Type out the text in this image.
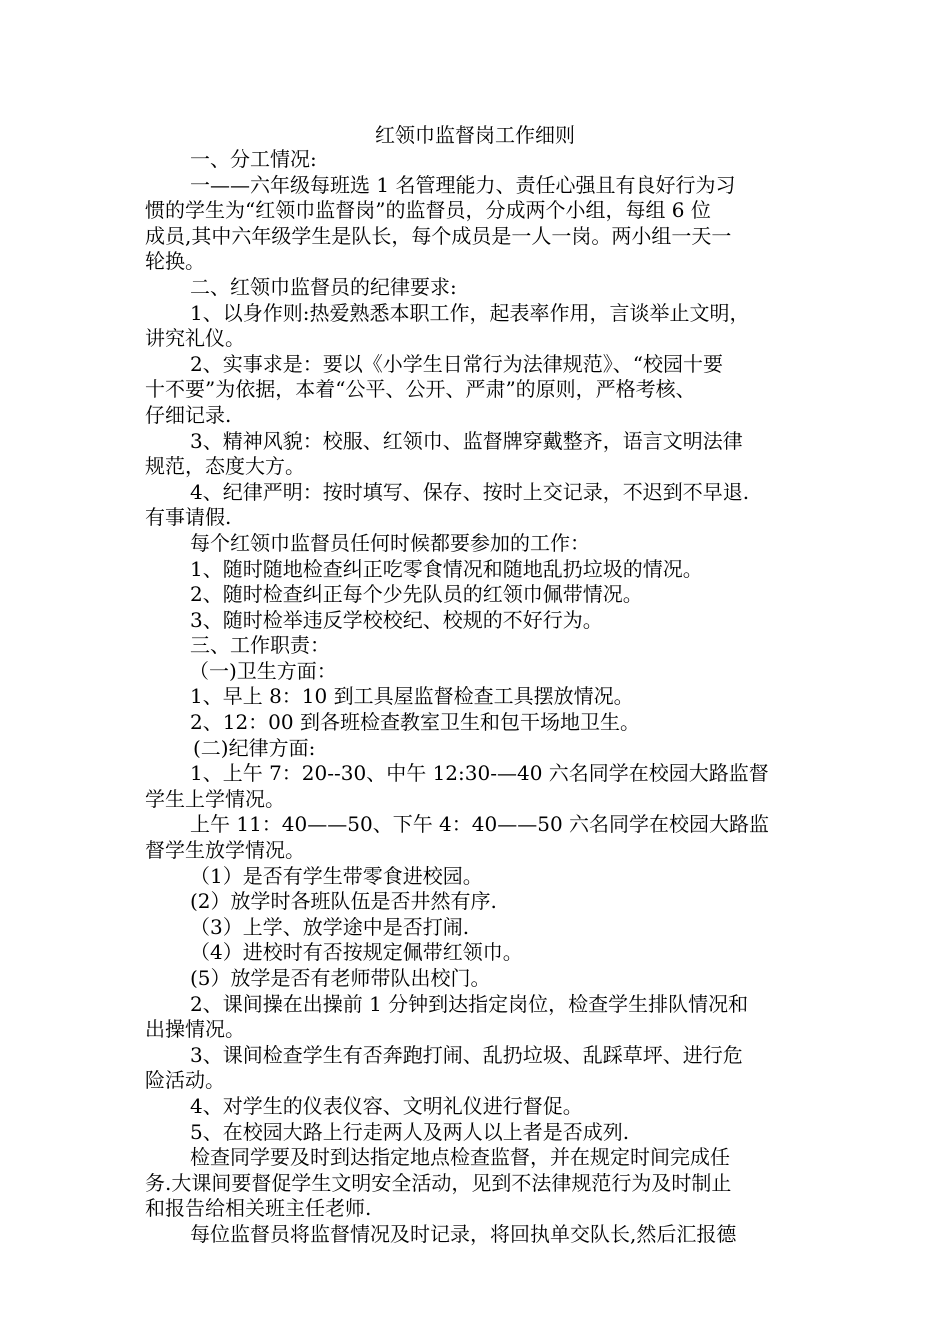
红领巾监督岗工作细则
一、分工情况:
一——六年级每班选 1 名管理能力、责任心强且有良好行为习
惯的学生为“红领巾监督岗”的监督员，分成两个小组，每组 6 位
成员,其中六年级学生是队长，每个成员是一人一岗。两小组一天一
轮换。
二、红领巾监督员的纪律要求:
1、以身作则:热爱熟悉本职工作，起表率作用，言谈举止文明，
讲究礼仪。
2、实事求是：要以《小学生日常行为法律规范》、“校园十要
十不要”为依据，本着“公平、公开、严肃”的原则，严格考核、
仔细记录.
3、精神风貌：校服、红领巾、监督牌穿戴整齐，语言文明法律
规范，态度大方。
4、纪律严明：按时填写、保存、按时上交记录，不迟到不早退.
有事请假.
每个红领巾监督员任何时候都要参加的工作：
1、随时随地检查纠正吃零食情况和随地乱扔垃圾的情况。
2、随时检查纠正每个少先队员的红领巾佩带情况。
3、随时检举违反学校校纪、校规的不好行为。
三、工作职责：
（一)卫生方面：
1、早上 8：10 到工具屋监督检查工具摆放情况。
2、12：00 到各班检查教室卫生和包干场地卫生。
(二)纪律方面:
1、上午 7：20--30、中午 12:30-—40 六名同学在校园大路监督
学生上学情况。
上午 11：40——50、下午 4：40——50 六名同学在校园大路监
督学生放学情况。
（1）是否有学生带零食进校园。
(2）放学时各班队伍是否井然有序.
（3）上学、放学途中是否打闹.
（4）进校时有否按规定佩带红领巾。
(5）放学是否有老师带队出校门。
2、课间操在出操前 1 分钟到达指定岗位，检查学生排队情况和
出操情况。
3、课间检查学生有否奔跑打闹、乱扔垃圾、乱踩草坪、进行危
险活动。
4、对学生的仪表仪容、文明礼仪进行督促。
5、在校园大路上行走两人及两人以上者是否成列.
检查同学要及时到达指定地点检查监督，并在规定时间完成任
务.大课间要督促学生文明安全活动，见到不法律规范行为及时制止
和报告给相关班主任老师.
每位监督员将监督情况及时记录，将回执单交队长,然后汇报德
